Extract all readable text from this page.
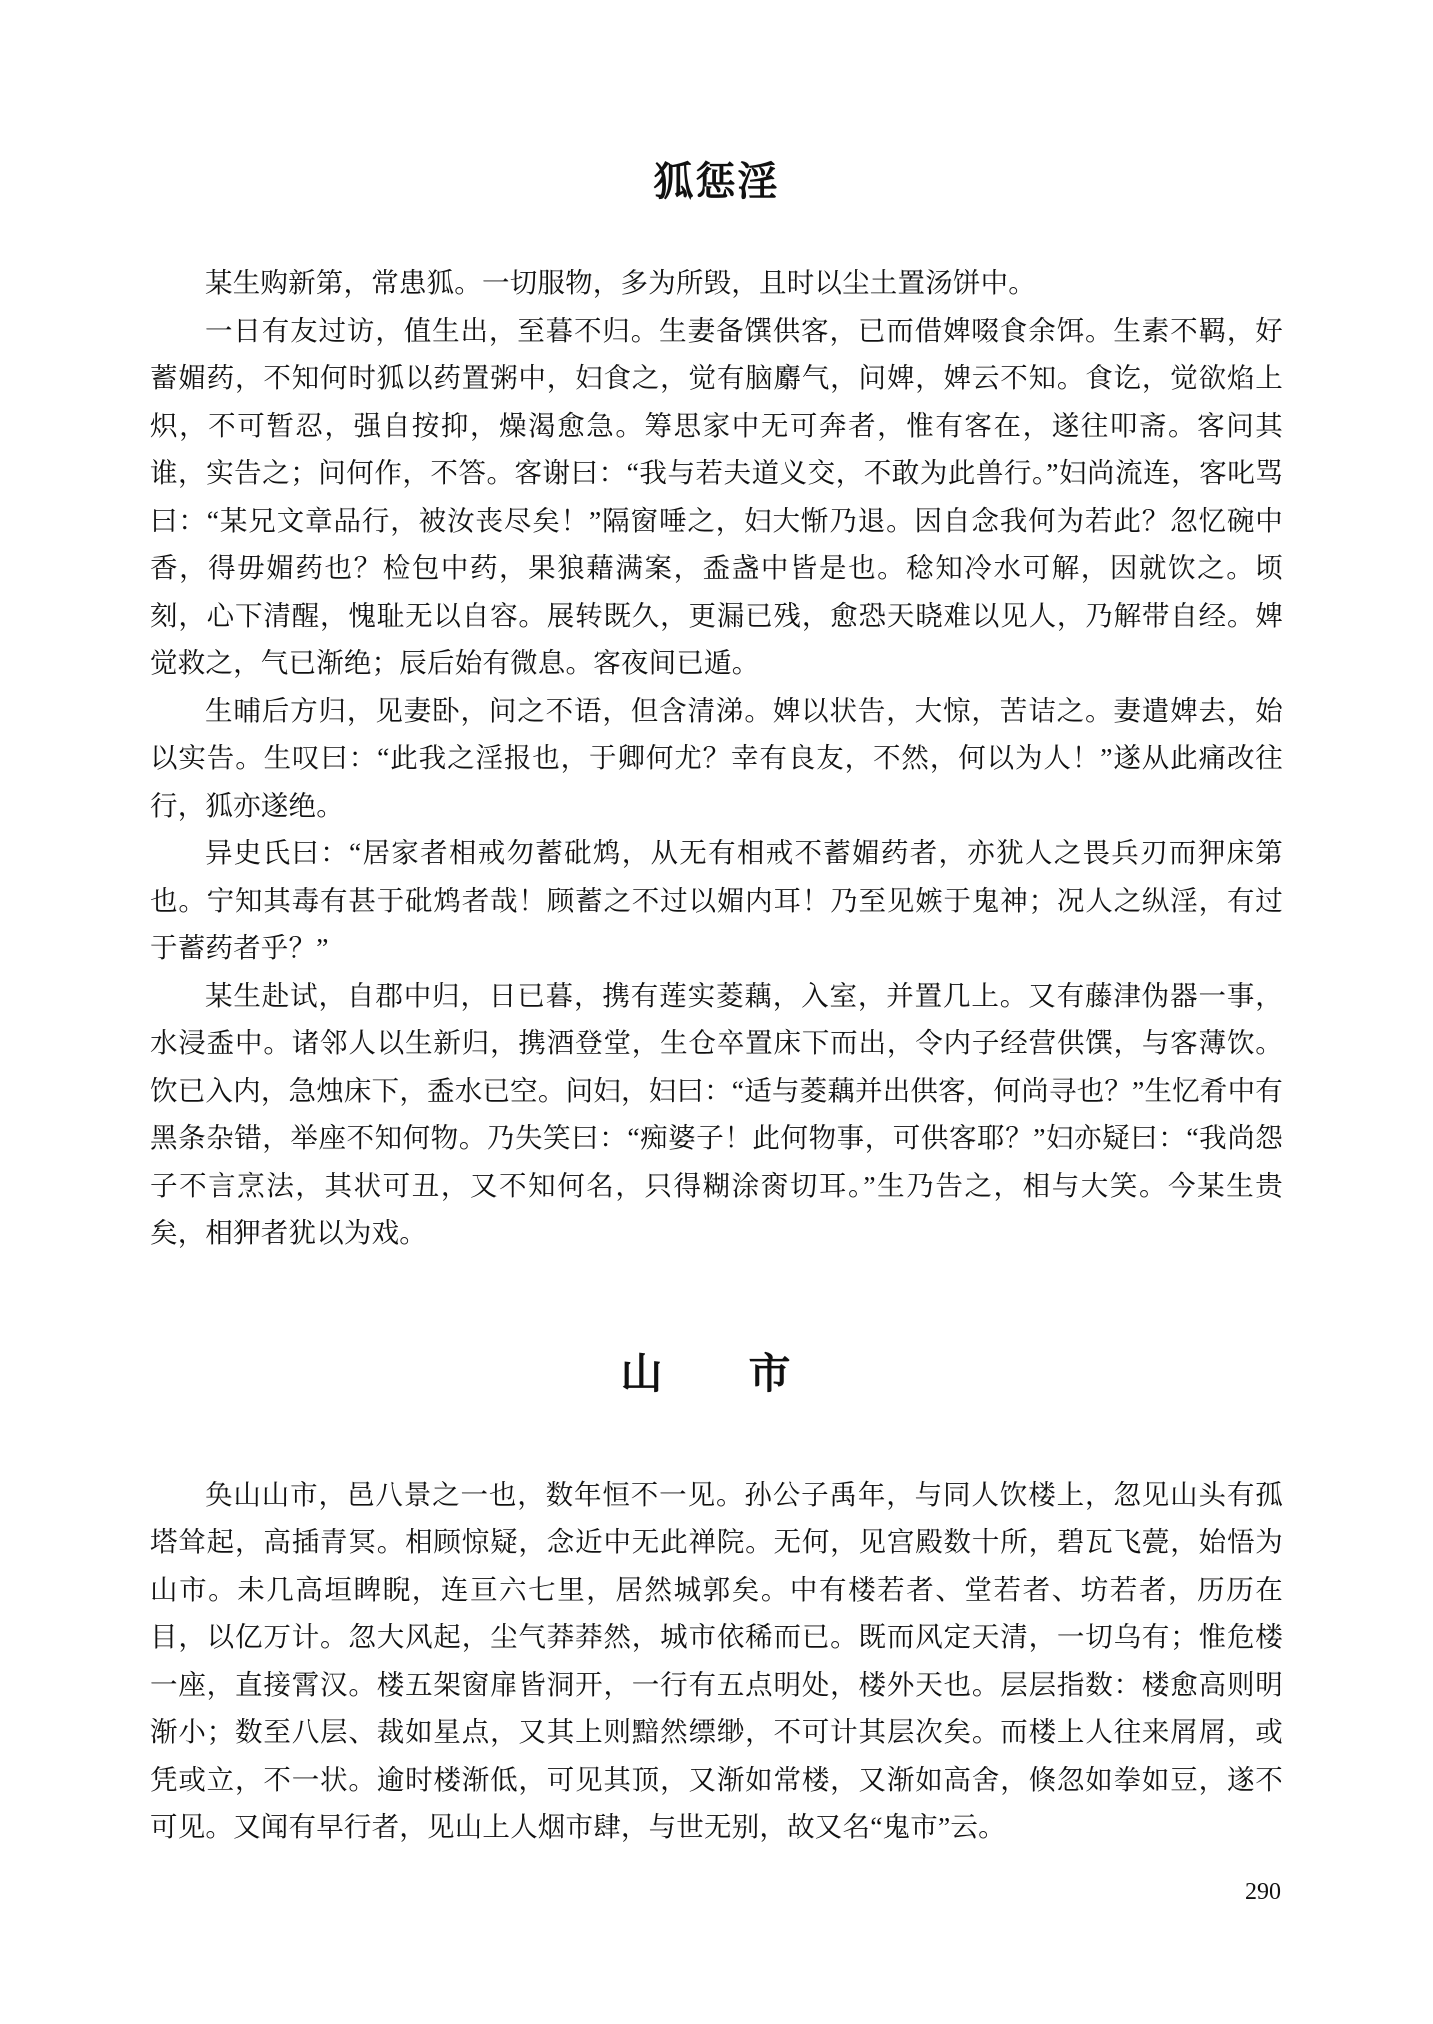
狐惩淫

某生购新第，常患狐。一切服物，多为所毁，且时以尘土置汤饼中。

一日有友过访，值生出，至暮不归。生妻备馔供客，已而借婢啜食余饵。生素不羁，好蓄媚药，不知何时狐以药置粥中，妇食之，觉有脑麝气，问婢，婢云不知。食讫，觉欲焰上炽，不可暂忍，强自按抑，燥渴愈急。筹思家中无可奔者，惟有客在，遂往叩斋。客问其谁，实告之；问何作，不答。客谢曰：“我与若夫道义交，不敢为此兽行。”妇尚流连，客叱骂曰：“某兄文章品行，被汝丧尽矣！”隔窗唾之，妇大惭乃退。因自念我何为若此？忽忆碗中香，得毋媚药也？检包中药，果狼藉满案，盉盏中皆是也。稔知冷水可解，因就饮之。顷刻，心下清醒，愧耻无以自容。展转既久，更漏已残，愈恐天晓难以见人，乃解带自经。婢觉救之，气已渐绝；辰后始有微息。客夜间已遁。

生晡后方归，见妻卧，问之不语，但含清涕。婢以状告，大惊，苦诘之。妻遣婢去，始以实告。生叹曰：“此我之淫报也，于卿何尤？幸有良友，不然，何以为人！”遂从此痛改往行，狐亦遂绝。

异史氏曰：“居家者相戒勿蓄砒鸩，从无有相戒不蓄媚药者，亦犹人之畏兵刃而狎床第也。宁知其毒有甚于砒鸩者哉！顾蓄之不过以媚内耳！乃至见嫉于鬼神；况人之纵淫，有过于蓄药者乎？”

某生赴试，自郡中归，日已暮，携有莲实菱藕，入室，并置几上。又有藤津伪器一事，水浸盉中。诸邻人以生新归，携酒登堂，生仓卒置床下而出，令内子经营供馔，与客薄饮。饮已入内，急烛床下，盉水已空。问妇，妇曰：“适与菱藕并出供客，何尚寻也？”生忆肴中有黑条杂错，举座不知何物。乃失笑曰：“痴婆子！此何物事，可供客耶？”妇亦疑曰：“我尚怨子不言烹法，其状可丑，又不知何名，只得糊涂脔切耳。”生乃告之，相与大笑。今某生贵矣，相狎者犹以为戏。

山　市

奂山山市，邑八景之一也，数年恒不一见。孙公子禹年，与同人饮楼上，忽见山头有孤塔耸起，高插青冥。相顾惊疑，念近中无此禅院。无何，见宫殿数十所，碧瓦飞甍，始悟为山市。未几高垣睥睨，连亘六七里，居然城郭矣。中有楼若者、堂若者、坊若者，历历在目，以亿万计。忽大风起，尘气莽莽然，城市依稀而已。既而风定天清，一切乌有；惟危楼一座，直接霄汉。楼五架窗扉皆洞开，一行有五点明处，楼外天也。层层指数：楼愈高则明渐小；数至八层、裁如星点，又其上则黯然缥缈，不可计其层次矣。而楼上人往来屑屑，或凭或立，不一状。逾时楼渐低，可见其顶，又渐如常楼，又渐如高舍，倏忽如拳如豆，遂不可见。又闻有早行者，见山上人烟市肆，与世无别，故又名“鬼市”云。

290
